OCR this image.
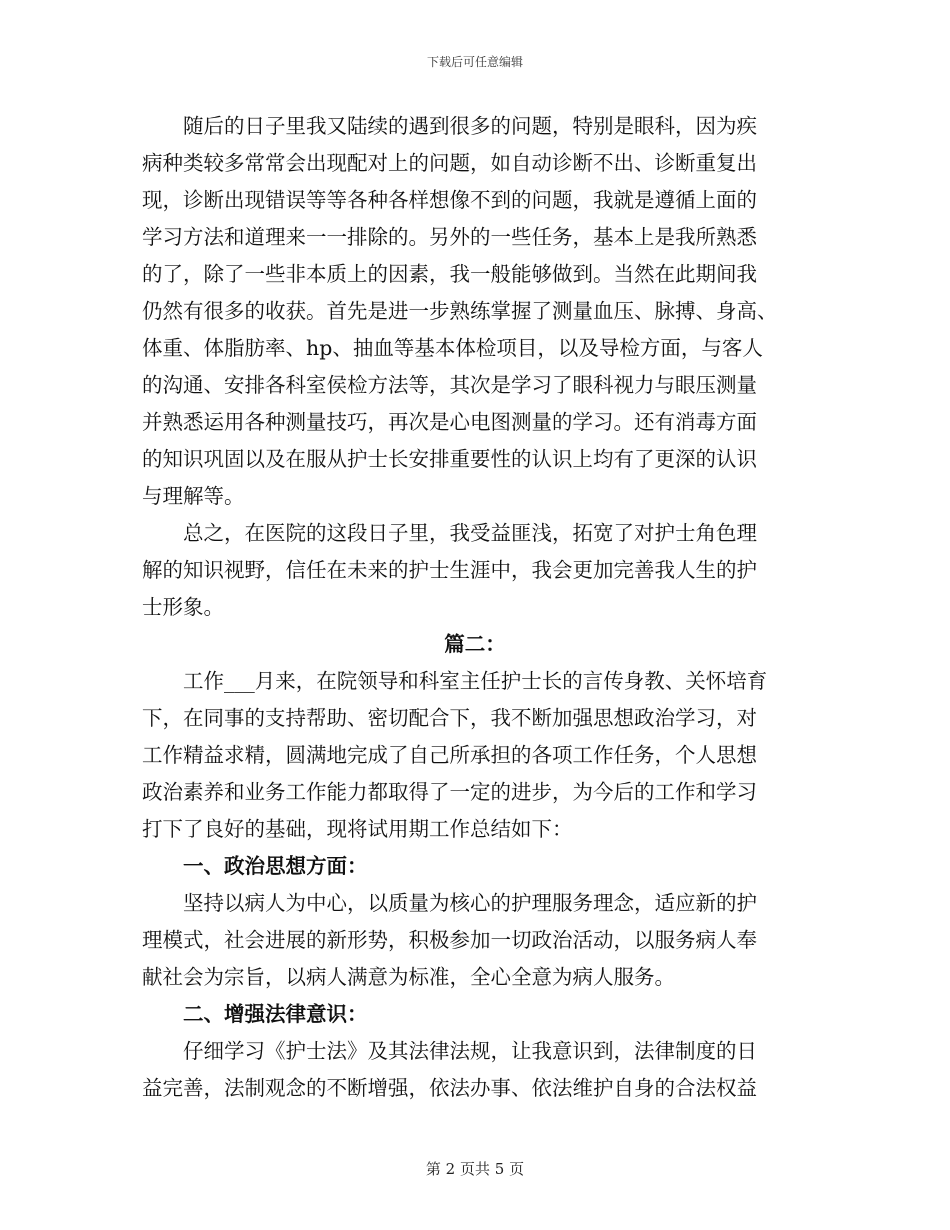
下载后可任意编辑
　　随后的日子里我又陆续的遇到很多的问题，特别是眼科，因为疾
病种类较多常常会出现配对上的问题，如自动诊断不出、诊断重复出
现，诊断出现错误等等各种各样想像不到的问题，我就是遵循上面的
学习方法和道理来一一排除的。另外的一些任务，基本上是我所熟悉
的了，除了一些非本质上的因素，我一般能够做到。当然在此期间我
仍然有很多的收获。首先是进一步熟练掌握了测量血压、脉搏、身高、
体重、体脂肪率、hp、抽血等基本体检项目，以及导检方面，与客人
的沟通、安排各科室侯检方法等，其次是学习了眼科视力与眼压测量
并熟悉运用各种测量技巧，再次是心电图测量的学习。还有消毒方面
的知识巩固以及在服从护士长安排重要性的认识上均有了更深的认识
与理解等。
　　总之，在医院的这段日子里，我受益匪浅，拓宽了对护士角色理
解的知识视野，信任在未来的护士生涯中，我会更加完善我人生的护
士形象。
篇二：
　　工作___月来，在院领导和科室主任护士长的言传身教、关怀培育
下，在同事的支持帮助、密切配合下，我不断加强思想政治学习，对
工作精益求精，圆满地完成了自己所承担的各项工作任务，个人思想
政治素养和业务工作能力都取得了一定的进步，为今后的工作和学习
打下了良好的基础，现将试用期工作总结如下：
　　一、政治思想方面：
　　坚持以病人为中心，以质量为核心的护理服务理念，适应新的护
理模式，社会进展的新形势，积极参加一切政治活动，以服务病人奉
献社会为宗旨，以病人满意为标准，全心全意为病人服务。
　　二、增强法律意识：
　　仔细学习《护士法》及其法律法规，让我意识到，法律制度的日
益完善，法制观念的不断增强，依法办事、依法维护自身的合法权益
第 2 页共 5 页
